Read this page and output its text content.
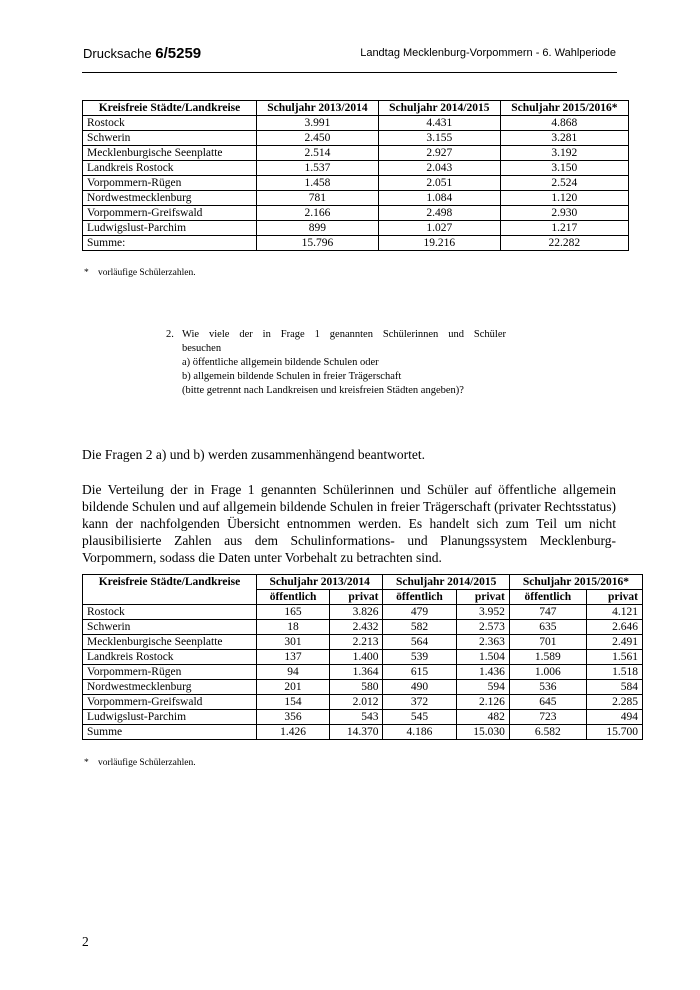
Drucksache 6/5259	Landtag Mecklenburg-Vorpommern - 6. Wahlperiode
Kreisfreie Städte/Landkreise	Schuljahr 2013/2014	Schuljahr 2014/2015	Schuljahr 2015/2016*
Rostock	3.991	4.431	4.868
Schwerin	2.450	3.155	3.281
Mecklenburgische Seenplatte	2.514	2.927	3.192
Landkreis Rostock	1.537	2.043	3.150
Vorpommern-Rügen	1.458	2.051	2.524
Nordwestmecklenburg	781	1.084	1.120
Vorpommern-Greifswald	2.166	2.498	2.930
Ludwigslust-Parchim	899	1.027	1.217
Summe:	15.796	19.216	22.282
* vorläufige Schülerzahlen.
2. Wie viele der in Frage 1 genannten Schülerinnen und Schüler
besuchen
a) öffentliche allgemein bildende Schulen oder
b) allgemein bildende Schulen in freier Trägerschaft
(bitte getrennt nach Landkreisen und kreisfreien Städten angeben)?
Die Fragen 2 a) und b) werden zusammenhängend beantwortet.
Die Verteilung der in Frage 1 genannten Schülerinnen und Schüler auf öffentliche allgemein bildende Schulen und auf allgemein bildende Schulen in freier Trägerschaft (privater Rechtsstatus) kann der nachfolgenden Übersicht entnommen werden. Es handelt sich zum Teil um nicht plausibilisierte Zahlen aus dem Schulinformations- und Planungssystem Mecklenburg-Vorpommern, sodass die Daten unter Vorbehalt zu betrachten sind.
Kreisfreie Städte/Landkreise	Schuljahr 2013/2014		Schuljahr 2014/2015		Schuljahr 2015/2016*	
	öffentlich	privat	öffentlich	privat	öffentlich	privat
Rostock	165	3.826	479	3.952	747	4.121
Schwerin	18	2.432	582	2.573	635	2.646
Mecklenburgische Seenplatte	301	2.213	564	2.363	701	2.491
Landkreis Rostock	137	1.400	539	1.504	1.589	1.561
Vorpommern-Rügen	94	1.364	615	1.436	1.006	1.518
Nordwestmecklenburg	201	580	490	594	536	584
Vorpommern-Greifswald	154	2.012	372	2.126	645	2.285
Ludwigslust-Parchim	356	543	545	482	723	494
Summe	1.426	14.370	4.186	15.030	6.582	15.700
* vorläufige Schülerzahlen.
2
